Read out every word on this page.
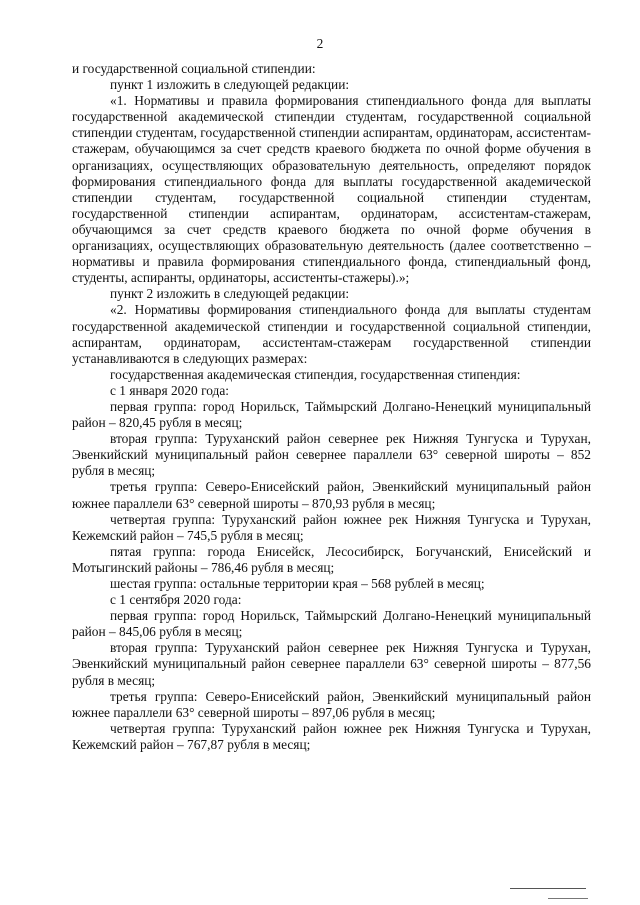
2

и государственной социальной стипендии:

пункт 1 изложить в следующей редакции:

«1. Нормативы и правила формирования стипендиального фонда для выплаты государственной академической стипендии студентам, государственной социальной стипендии студентам, государственной стипендии аспирантам, ординаторам, ассистентам-стажерам, обучающимся за счет средств краевого бюджета по очной форме обучения в организациях, осуществляющих образовательную деятельность, определяют порядок формирования стипендиального фонда для выплаты государственной академической стипендии студентам, государственной социальной стипендии студентам, государственной стипендии аспирантам, ординаторам, ассистентам-стажерам, обучающимся за счет средств краевого бюджета по очной форме обучения в организациях, осуществляющих образовательную деятельность (далее соответственно – нормативы и правила формирования стипендиального фонда, стипендиальный фонд, студенты, аспиранты, ординаторы, ассистенты-стажеры).»;

пункт 2 изложить в следующей редакции:

«2. Нормативы формирования стипендиального фонда для выплаты студентам государственной академической стипендии и государственной социальной стипендии, аспирантам, ординаторам, ассистентам-стажерам государственной стипендии устанавливаются в следующих размерах:

государственная академическая стипендия, государственная стипендия:

с 1 января 2020 года:

первая группа: город Норильск, Таймырский Долгано-Ненецкий муниципальный район – 820,45 рубля в месяц;

вторая группа: Туруханский район севернее рек Нижняя Тунгуска и Турухан, Эвенкийский муниципальный район севернее параллели 63° северной широты – 852 рубля в месяц;

третья группа: Северо-Енисейский район, Эвенкийский муниципальный район южнее параллели 63° северной широты – 870,93 рубля в месяц;

четвертая группа: Туруханский район южнее рек Нижняя Тунгуска и Турухан, Кежемский район – 745,5 рубля в месяц;

пятая группа: города Енисейск, Лесосибирск, Богучанский, Енисейский и Мотыгинский районы – 786,46 рубля в месяц;

шестая группа: остальные территории края – 568 рублей в месяц;

с 1 сентября 2020 года:

первая группа: город Норильск, Таймырский Долгано-Ненецкий муниципальный район – 845,06 рубля в месяц;

вторая группа: Туруханский район севернее рек Нижняя Тунгуска и Турухан, Эвенкийский муниципальный район севернее параллели 63° северной широты – 877,56 рубля в месяц;

третья группа: Северо-Енисейский район, Эвенкийский муниципальный район южнее параллели 63° северной широты – 897,06 рубля в месяц;

четвертая группа: Туруханский район южнее рек Нижняя Тунгуска и Турухан, Кежемский район – 767,87 рубля в месяц;
